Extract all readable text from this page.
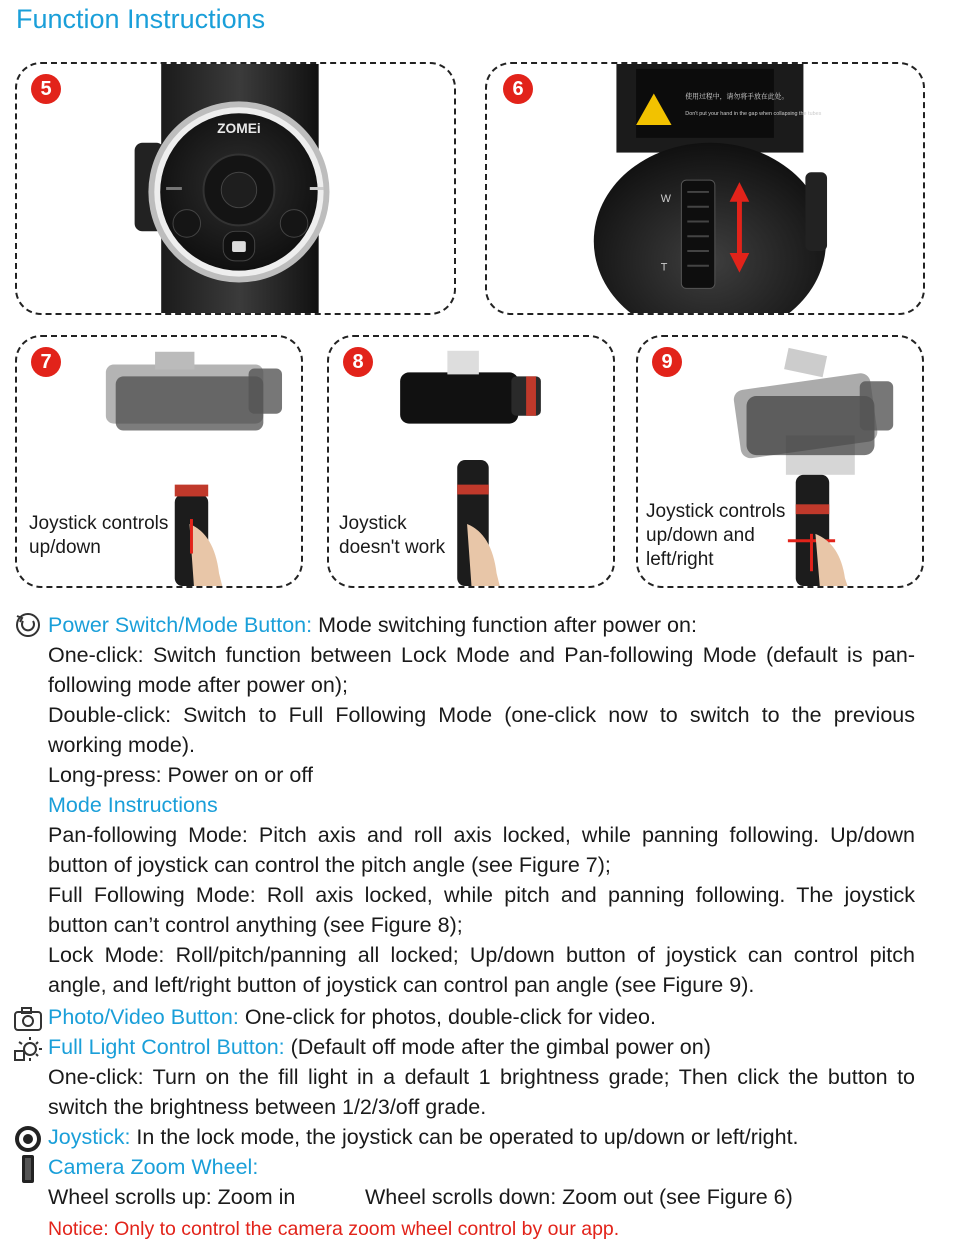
Function Instructions
5
ZOMEi
6	使用过程中，请勿将手放在此处。
Don't put your hand in the gap when collapsing the tubes
W
T
7
Joystick controls
up/down
8
Joystick
doesn't work
9
Joystick controls
up/down and
left/right
Power Switch/Mode Button: Mode switching function after power on:
One-click: Switch function between Lock Mode and Pan-following Mode (default is pan-following mode after power on);
Double-click: Switch to Full Following Mode (one-click now to switch to the previous working mode).
Long-press: Power on or off
Mode Instructions
Pan-following Mode: Pitch axis and roll axis locked, while panning following. Up/down button of joystick can control the pitch angle (see Figure 7);
Full Following Mode: Roll axis locked, while pitch and panning following. The joystick button can’t control anything (see Figure 8);
Lock Mode: Roll/pitch/panning all locked; Up/down button of joystick can control pitch angle, and left/right button of joystick can control pan angle (see Figure 9).
Photo/Video Button: One-click for photos, double-click for video.
Full Light Control Button: (Default off mode after the gimbal power on)
One-click: Turn on the fill light in a default 1 brightness grade; Then click the button to switch the brightness between 1/2/3/off grade.
Joystick: In the lock mode, the joystick can be operated to up/down or left/right.
Camera Zoom Wheel:
Wheel scrolls up: Zoom in	Wheel scrolls down: Zoom out (see Figure 6)
Notice: Only to control the camera zoom wheel control by our app.
